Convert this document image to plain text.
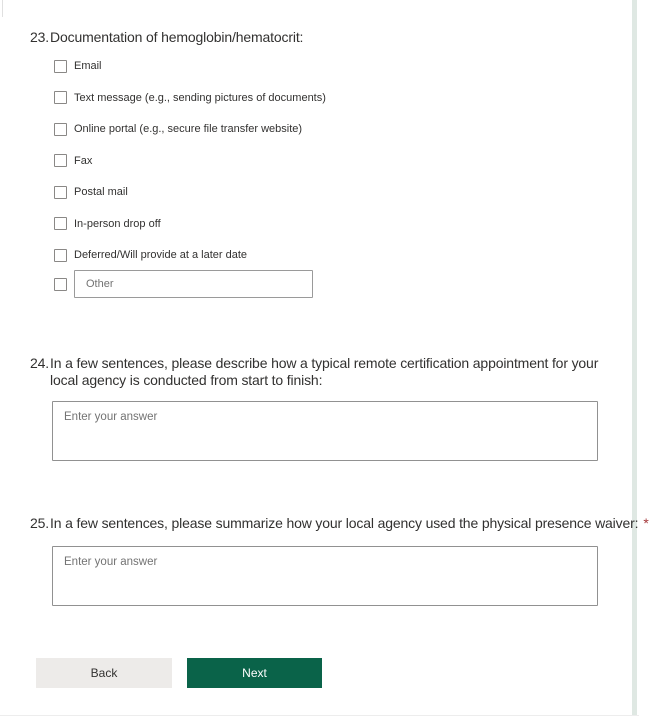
23. Documentation of hemoglobin/hematocrit:
Email
Text message (e.g., sending pictures of documents)
Online portal (e.g., secure file transfer website)
Fax
Postal mail
In-person drop off
Deferred/Will provide at a later date
Other
24. In a few sentences, please describe how a typical remote certification appointment for your local agency is conducted from start to finish:
Enter your answer
25. In a few sentences, please summarize how your local agency used the physical presence waiver: *
Enter your answer
Back	Next
